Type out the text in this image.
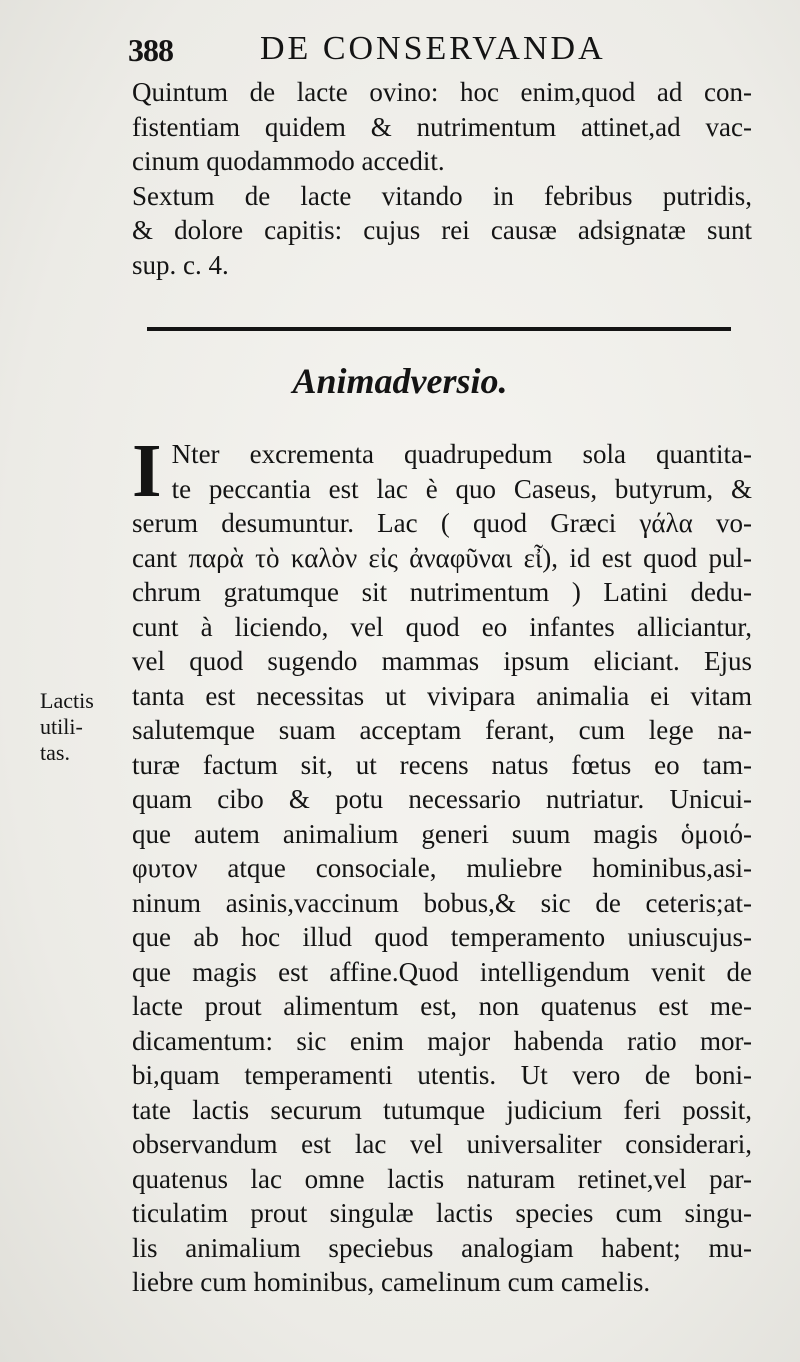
388	DE CONSERVANDA
Quintum de lacte ovino: hoc enim,quod ad con-
fistentiam quidem & nutrimentum attinet,ad vac-
cinum quodammodo accedit.
Sextum de lacte vitando in febribus putridis,
& dolore capitis: cujus rei causæ adsignatæ sunt
sup. c. 4.
Animadversio.
Lactis
utili-
tas.
I Nter excrementa quadrupedum sola quantita-
te peccantia est lac è quo Caseus, butyrum, &
serum desumuntur. Lac ( quod Græci γάλα vo-
cant παρὰ τὸ καλὸν εἰς ἀναφῦναι εἶ), id est quod pul-
chrum gratumque sit nutrimentum ) Latini dedu-
cunt à liciendo, vel quod eo infantes alliciantur,
vel quod sugendo mammas ipsum eliciant. Ejus
tanta est necessitas ut vivipara animalia ei vitam
salutemque suam acceptam ferant, cum lege na-
turæ factum sit, ut recens natus fœtus eo tam-
quam cibo & potu necessario nutriatur. Unicui-
que autem animalium generi suum magis ὁμοιό-
φυτον atque consociale, muliebre hominibus,asi-
ninum asinis,vaccinum bobus,& sic de ceteris;at-
que ab hoc illud quod temperamento uniuscujus-
que magis est affine.Quod intelligendum venit de
lacte prout alimentum est, non quatenus est me-
dicamentum: sic enim major habenda ratio mor-
bi,quam temperamenti utentis. Ut vero de boni-
tate lactis securum tutumque judicium feri possit,
observandum est lac vel universaliter considerari,
quatenus lac omne lactis naturam retinet,vel par-
ticulatim prout singulæ lactis species cum singu-
lis animalium speciebus analogiam habent; mu-
liebre cum hominibus, camelinum cum camelis.
